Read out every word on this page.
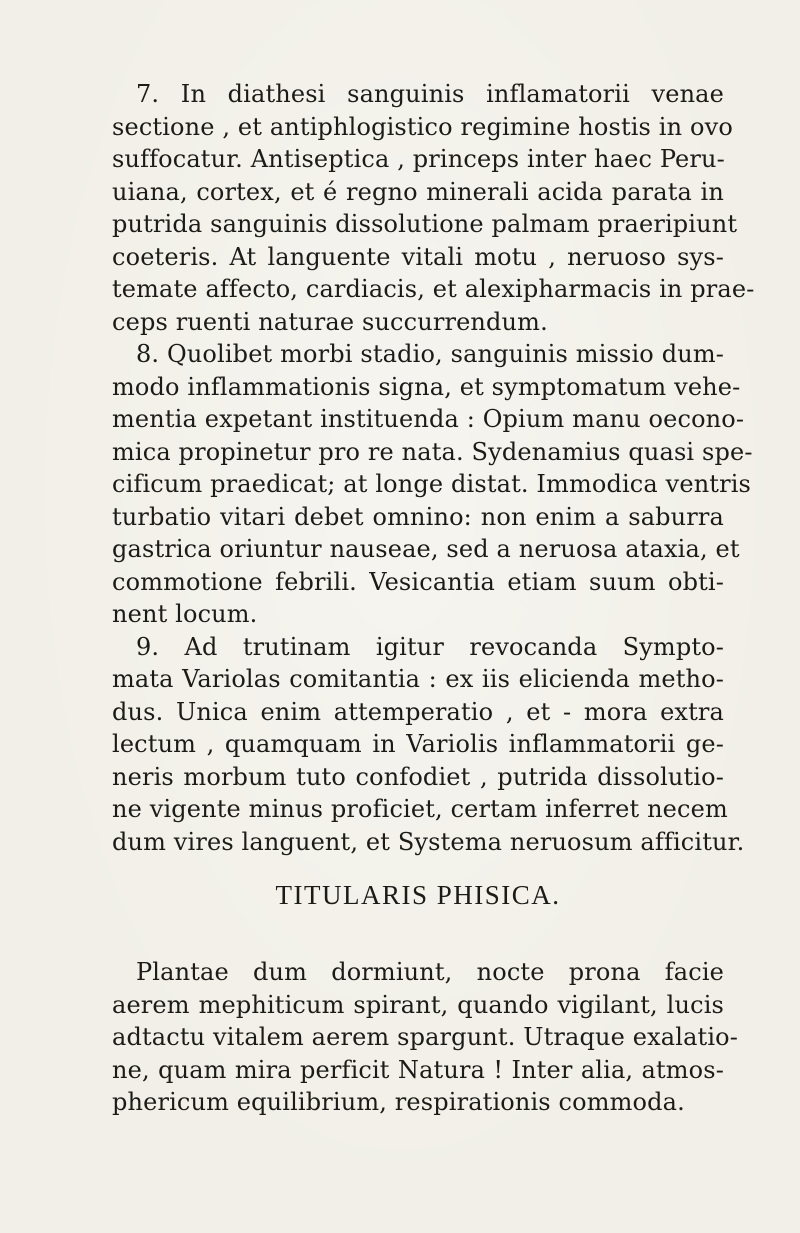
7. In diathesi sanguinis inflamatorii venae
sectione , et antiphlogistico regimine hostis in ovo
suffocatur. Antiseptica , princeps inter haec Peru-
uiana, cortex, et é regno minerali acida parata in
putrida sanguinis dissolutione palmam praeripiunt
coeteris. At languente vitali motu , neruoso sys-
temate affecto, cardiacis, et alexipharmacis in prae-
ceps ruenti naturae succurrendum.
8. Quolibet morbi stadio, sanguinis missio dum-
modo inflammationis signa, et symptomatum vehe-
mentia expetant instituenda : Opium manu oecono-
mica propinetur pro re nata. Sydenamius quasi spe-
cificum praedicat; at longe distat. Immodica ventris
turbatio vitari debet omnino: non enim a saburra
gastrica oriuntur nauseae, sed a neruosa ataxia, et
commotione febrili. Vesicantia etiam suum obti-
nent locum.
9. Ad trutinam igitur revocanda Sympto-
mata Variolas comitantia : ex iis elicienda metho-
dus. Unica enim attemperatio , et - mora extra
lectum , quamquam in Variolis inflammatorii ge-
neris morbum tuto confodiet , putrida dissolutio-
ne vigente minus proficiet, certam inferret necem
dum vires languent, et Systema neruosum afficitur.
TITULARIS PHISICA.
Plantae dum dormiunt, nocte prona facie
aerem mephiticum spirant, quando vigilant, lucis
adtactu vitalem aerem spargunt. Utraque exalatio-
ne, quam mira perficit Natura ! Inter alia, atmos-
phericum equilibrium, respirationis commoda.
